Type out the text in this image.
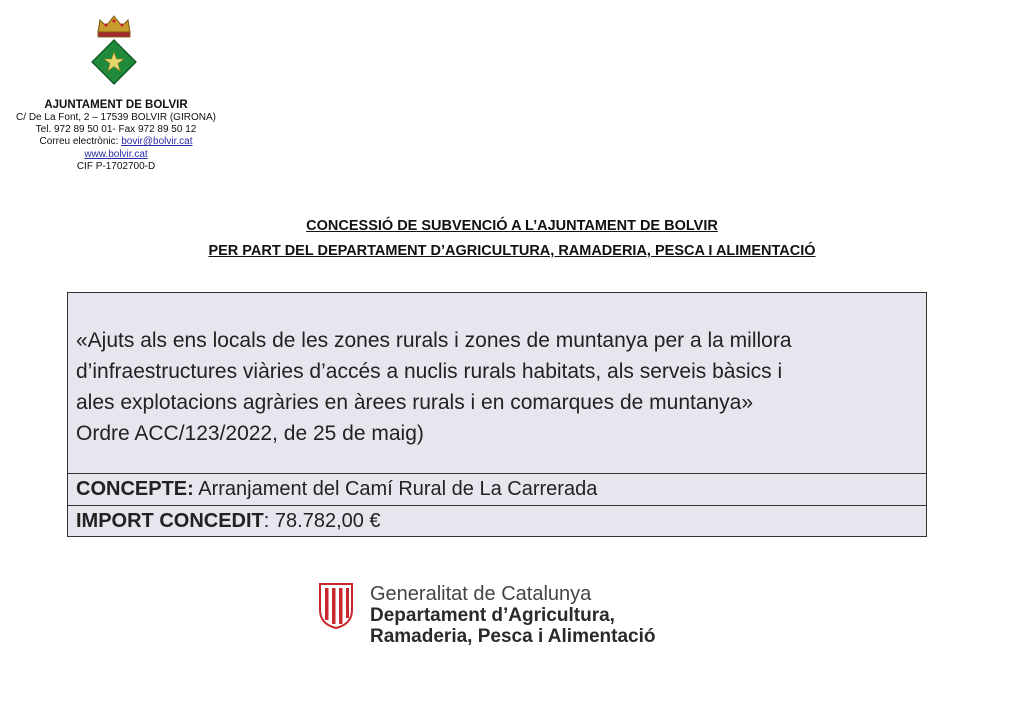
AJUNTAMENT DE BOLVIR
C/ De La Font, 2 – 17539 BOLVIR (GIRONA)
Tel. 972 89 50 01- Fax 972 89 50 12
Correu electrònic: bovir@bolvir.cat
www.bolvir.cat
CIF P-1702700-D
CONCESSIÓ DE SUBVENCIÓ A L’AJUNTAMENT DE BOLVIR
PER PART DEL DEPARTAMENT D’AGRICULTURA, RAMADERIA, PESCA I ALIMENTACIÓ
«Ajuts als ens locals de les zones rurals i zones de muntanya per a la millora
d’infraestructures viàries d’accés a nuclis rurals habitats, als serveis bàsics i
ales explotacions agràries en àrees rurals i en comarques de muntanya»
Ordre ACC/123/2022, de 25 de maig)
CONCEPTE: Arranjament del Camí Rural de La Carrerada
IMPORT CONCEDIT: 78.782,00 €
Generalitat de Catalunya
Departament d’Agricultura,
Ramaderia, Pesca i Alimentació
